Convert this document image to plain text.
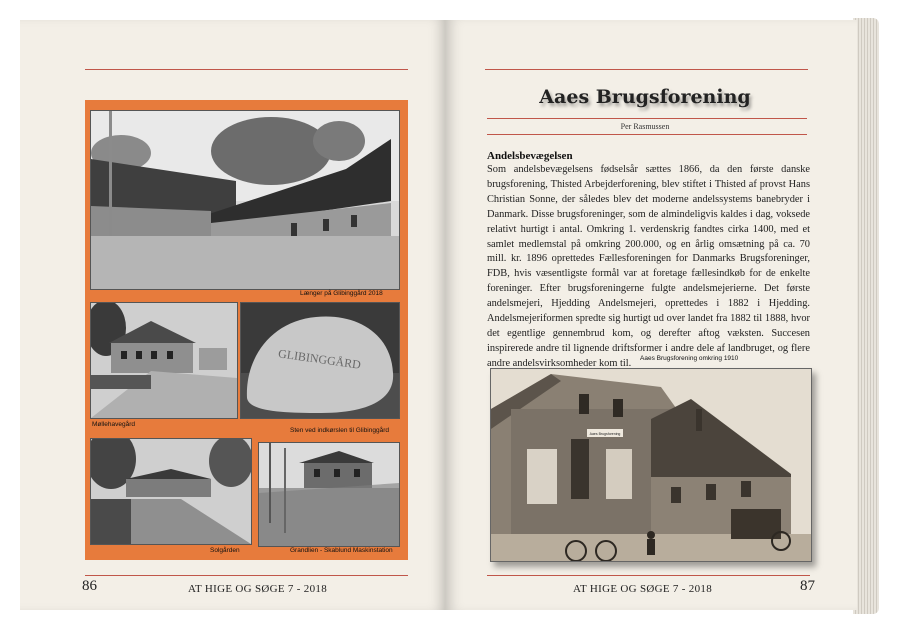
Længer på Glibinggård 2018
Møllehavegård
GLIBINGGÅRD
Sten ved indkørslen til Glibinggård
Solgården	Grandlien - Skablund Maskinstation
86	AT HIGE OG SØGE 7 - 2018
Aaes Brugsforening
Per Rasmussen
Andelsbevægelsen
Som andelsbevægelsens fødselsår sættes 1866, da den første danske brugsforening, Thisted Arbejderforening, blev stiftet i Thisted af provst Hans Christian Sonne, der således blev det moderne andelssystems banebryder i Danmark. Disse brugsforeninger, som de almindeligvis kaldes i dag, voksede relativt hurtigt i antal. Omkring 1. verdenskrig fandtes cirka 1400, med et samlet medlemstal på omkring 200.000, og en årlig omsætning på ca. 70 mill. kr. 1896 oprettedes Fællesforeningen for Danmarks Brugsforeninger, FDB, hvis væsentligste formål var at foretage fællesindkøb for de enkelte foreninger. Efter brugsforeningerne fulgte andelsmejerierne. Det første andelsmejeri, Hjedding Andelsmejeri, oprettedes i 1882 i Hjedding. Andelsmejeriformen spredte sig hurtigt ud over landet fra 1882 til 1888, hvor det egentlige gennembrud kom, og derefter aftog væksten. Succesen inspirerede andre til lignende driftsformer i andre dele af landbruget, og flere andre andelsvirksomheder kom til.	Aaes Brugsforening omkring 1910
Aaes Brugsforening
AT HIGE OG SØGE 7 - 2018	87
